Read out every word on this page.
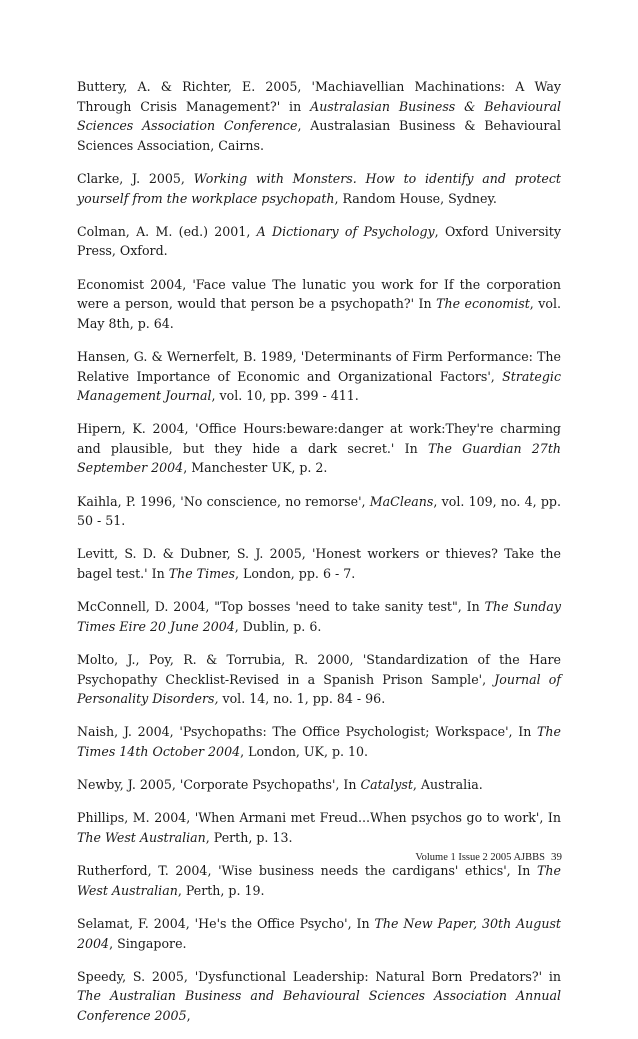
Buttery, A. & Richter, E. 2005, 'Machiavellian Machinations: A Way Through Crisis Management?' in Australasian Business & Behavioural Sciences Association Conference, Australasian Business & Behavioural Sciences Association, Cairns.

Clarke, J. 2005, Working with Monsters. How to identify and protect yourself from the workplace psychopath, Random House, Sydney.

Colman, A. M. (ed.) 2001, A Dictionary of Psychology, Oxford University Press, Oxford.

Economist 2004, 'Face value The lunatic you work for If the corporation were a person, would that person be a psychopath?' In The economist, vol. May 8th, p. 64.

Hansen, G. & Wernerfelt, B. 1989, 'Determinants of Firm Performance: The Relative Importance of Economic and Organizational Factors', Strategic Management Journal, vol. 10, pp. 399 - 411.

Hipern, K. 2004, 'Office Hours:beware:danger at work:They're charming and plausible, but they hide a dark secret.' In The Guardian 27th September 2004, Manchester UK, p. 2.

Kaihla, P. 1996, 'No conscience, no remorse', MaCleans, vol. 109, no. 4, pp. 50 - 51.

Levitt, S. D. & Dubner, S. J. 2005, 'Honest workers or thieves? Take the bagel test.' In The Times, London, pp. 6 - 7.

McConnell, D. 2004, "Top bosses 'need to take sanity test", In The Sunday Times Eire 20 June 2004, Dublin, p. 6.

Molto, J., Poy, R. & Torrubia, R. 2000, 'Standardization of the Hare Psychopathy Checklist-Revised in a Spanish Prison Sample', Journal of Personality Disorders, vol. 14, no. 1, pp. 84 - 96.

Naish, J. 2004, 'Psychopaths: The Office Psychologist; Workspace', In The Times 14th October 2004, London, UK, p. 10.

Newby, J. 2005, 'Corporate Psychopaths', In Catalyst, Australia.

Phillips, M. 2004, 'When Armani met Freud...When psychos go to work', In The West Australian, Perth, p. 13.

Rutherford, T. 2004, 'Wise business needs the cardigans' ethics', In The West Australian, Perth, p. 19.

Selamat, F. 2004, 'He's the Office Psycho', In The New Paper, 30th August 2004, Singapore.

Speedy, S. 2005, 'Dysfunctional Leadership: Natural Born Predators?' in The Australian Business and Behavioural Sciences Association Annual Conference 2005,

Volume 1 Issue 2 2005 AJBBS 39
